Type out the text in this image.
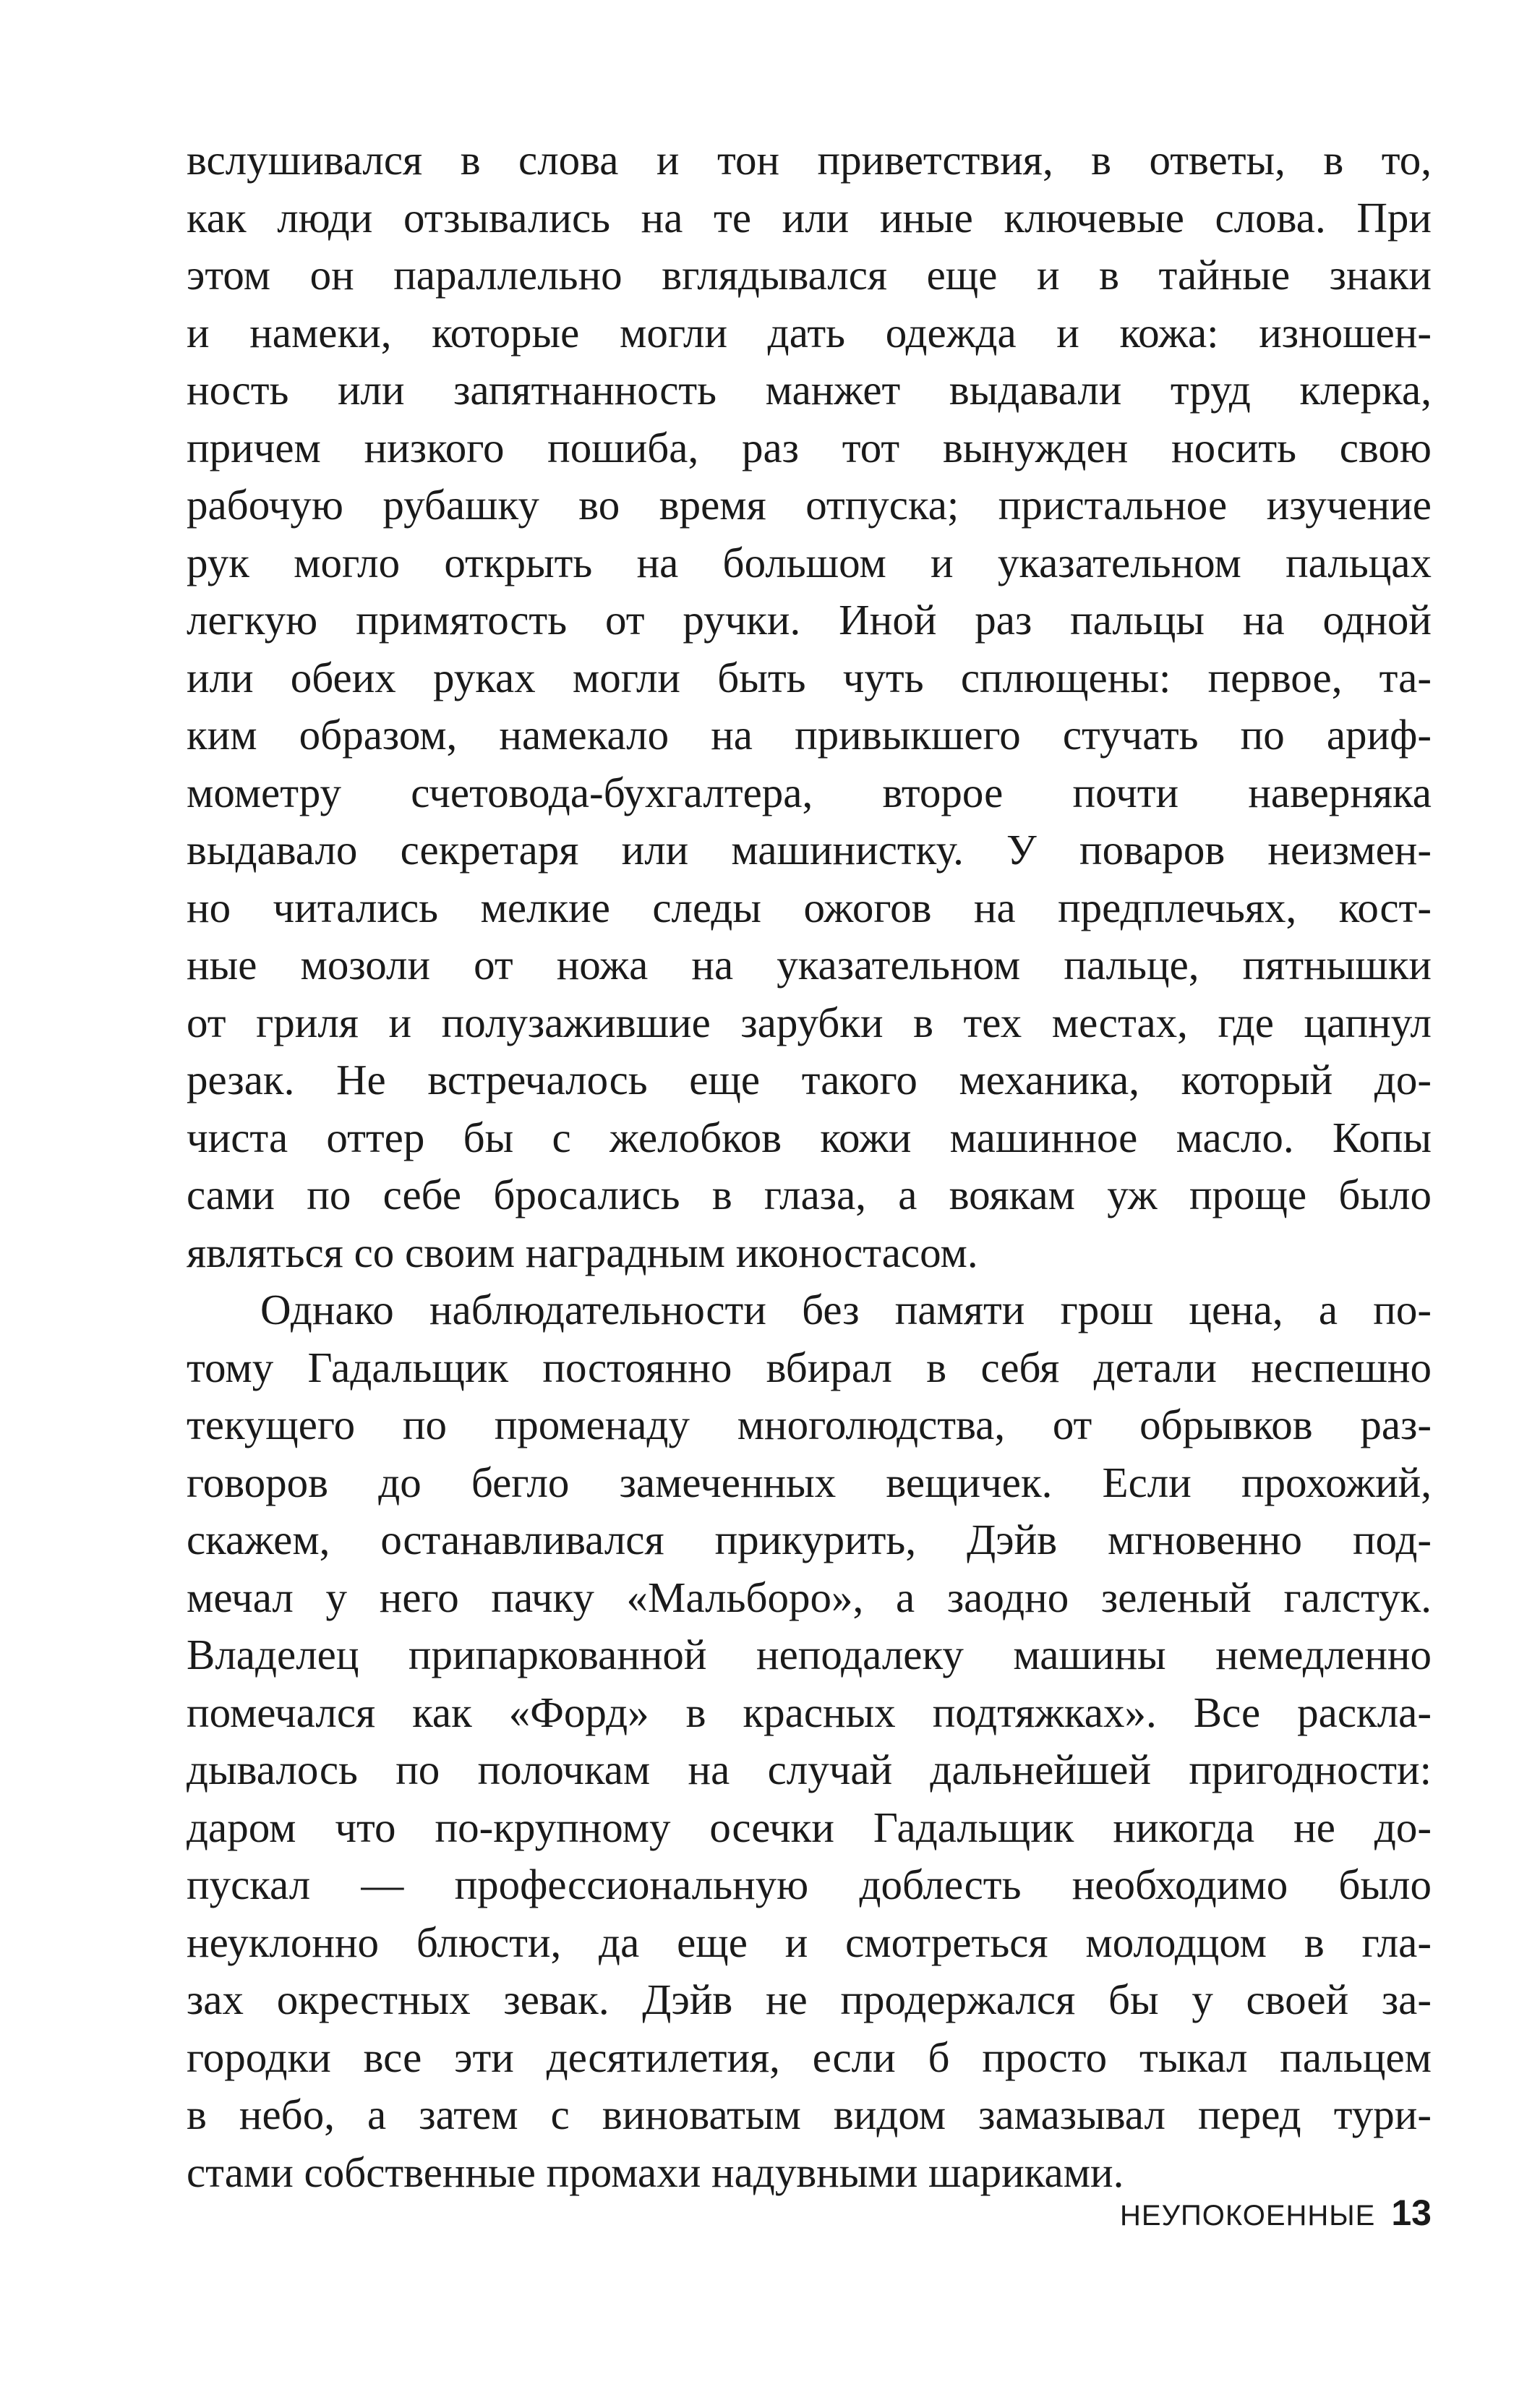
вслушивался в слова и тон приветствия, в ответы, в то,
как люди отзывались на те или иные ключевые слова. При
этом он параллельно вглядывался еще и в тайные знаки
и намеки, которые могли дать одежда и кожа: изношен-
ность или запятнанность манжет выдавали труд клерка,
причем низкого пошиба, раз тот вынужден носить свою
рабочую рубашку во время отпуска; пристальное изучение
рук могло открыть на большом и указательном пальцах
легкую примятость от ручки. Иной раз пальцы на одной
или обеих руках могли быть чуть сплющены: первое, та-
ким образом, намекало на привыкшего стучать по ариф-
мометру счетовода-бухгалтера, второе почти наверняка
выдавало секретаря или машинистку. У поваров неизмен-
но читались мелкие следы ожогов на предплечьях, кост-
ные мозоли от ножа на указательном пальце, пятнышки
от гриля и полузажившие зарубки в тех местах, где цапнул
резак. Не встречалось еще такого механика, который до-
чиста оттер бы с желобков кожи машинное масло. Копы
сами по себе бросались в глаза, а воякам уж проще было
являться со своим наградным иконостасом.
Однако наблюдательности без памяти грош цена, а по-
тому Гадальщик постоянно вбирал в себя детали неспешно
текущего по променаду многолюдства, от обрывков раз-
говоров до бегло замеченных вещичек. Если прохожий,
скажем, останавливался прикурить, Дэйв мгновенно под-
мечал у него пачку «Мальборо», а заодно зеленый галстук.
Владелец припаркованной неподалеку машины немедленно
помечался как «Форд» в красных подтяжках». Все раскла-
дывалось по полочкам на случай дальнейшей пригодности:
даром что по-крупному осечки Гадальщик никогда не до-
пускал — профессиональную доблесть необходимо было
неуклонно блюсти, да еще и смотреться молодцом в гла-
зах окрестных зевак. Дэйв не продержался бы у своей за-
городки все эти десятилетия, если б просто тыкал пальцем
в небо, а затем с виноватым видом замазывал перед тури-
стами собственные промахи надувными шариками.
НЕУПОКОЕННЫЕ 13
